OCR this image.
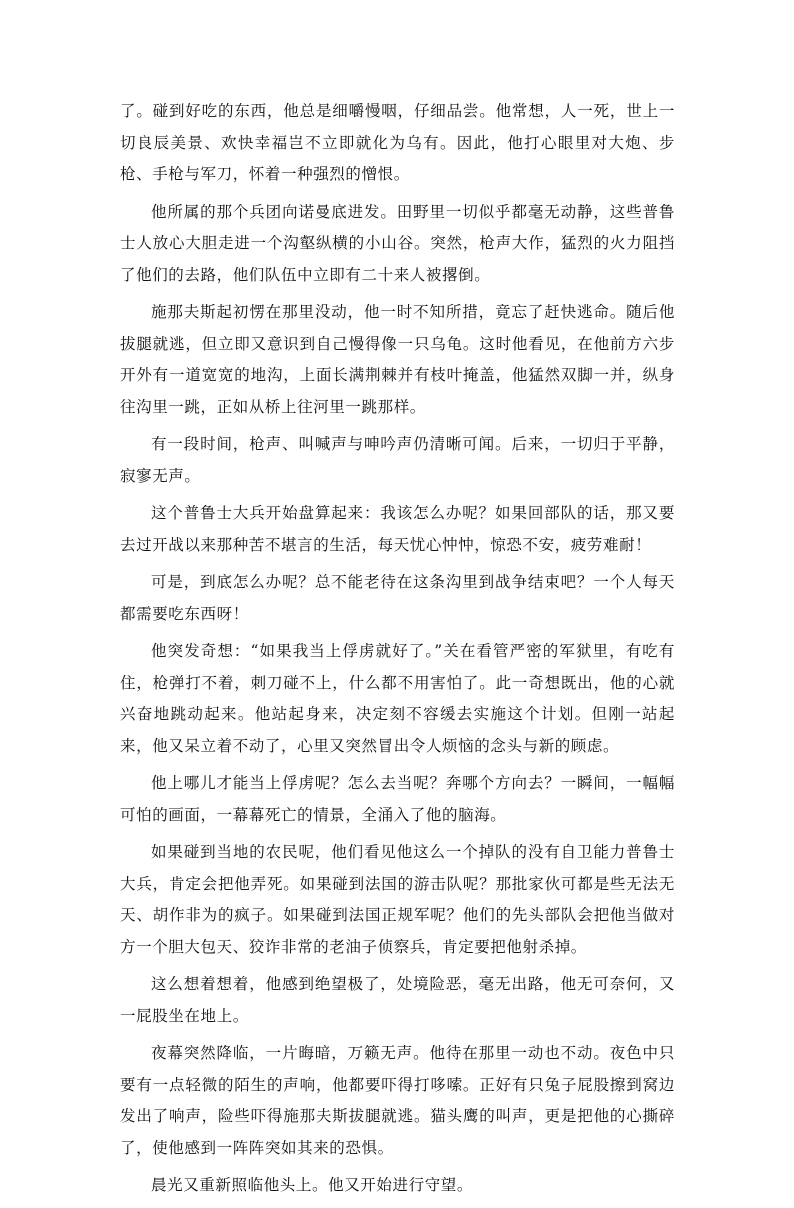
了。碰到好吃的东西，他总是细嚼慢咽，仔细品尝。他常想，人一死，世上一切良辰美景、欢快幸福岂不立即就化为乌有。因此，他打心眼里对大炮、步枪、手枪与军刀，怀着一种强烈的憎恨。

他所属的那个兵团向诺曼底进发。田野里一切似乎都毫无动静，这些普鲁士人放心大胆走进一个沟壑纵横的小山谷。突然，枪声大作，猛烈的火力阻挡了他们的去路，他们队伍中立即有二十来人被撂倒。

施那夫斯起初愣在那里没动，他一时不知所措，竟忘了赶快逃命。随后他拔腿就逃，但立即又意识到自己慢得像一只乌龟。这时他看见，在他前方六步开外有一道宽宽的地沟，上面长满荆棘并有枝叶掩盖，他猛然双脚一并，纵身往沟里一跳，正如从桥上往河里一跳那样。

有一段时间，枪声、叫喊声与呻吟声仍清晰可闻。后来，一切归于平静，寂寥无声。

这个普鲁士大兵开始盘算起来：我该怎么办呢？如果回部队的话，那又要去过开战以来那种苦不堪言的生活，每天忧心忡忡，惊恐不安，疲劳难耐！

可是，到底怎么办呢？总不能老待在这条沟里到战争结束吧？一个人每天都需要吃东西呀！

他突发奇想：“如果我当上俘虏就好了。”关在看管严密的军狱里，有吃有住，枪弹打不着，刺刀碰不上，什么都不用害怕了。此一奇想既出，他的心就兴奋地跳动起来。他站起身来，决定刻不容缓去实施这个计划。但刚一站起来，他又呆立着不动了，心里又突然冒出令人烦恼的念头与新的顾虑。

他上哪儿才能当上俘虏呢？怎么去当呢？奔哪个方向去？一瞬间，一幅幅可怕的画面，一幕幕死亡的情景，全涌入了他的脑海。

如果碰到当地的农民呢，他们看见他这么一个掉队的没有自卫能力普鲁士大兵，肯定会把他弄死。如果碰到法国的游击队呢？那批家伙可都是些无法无天、胡作非为的疯子。如果碰到法国正规军呢？他们的先头部队会把他当做对方一个胆大包天、狡诈非常的老油子侦察兵，肯定要把他射杀掉。

这么想着想着，他感到绝望极了，处境险恶，毫无出路，他无可奈何，又一屁股坐在地上。

夜幕突然降临，一片晦暗，万籁无声。他待在那里一动也不动。夜色中只要有一点轻微的陌生的声响，他都要吓得打哆嗦。正好有只兔子屁股擦到窝边发出了响声，险些吓得施那夫斯拔腿就逃。猫头鹰的叫声，更是把他的心撕碎了，使他感到一阵阵突如其来的恐惧。

晨光又重新照临他头上。他又开始进行守望。
